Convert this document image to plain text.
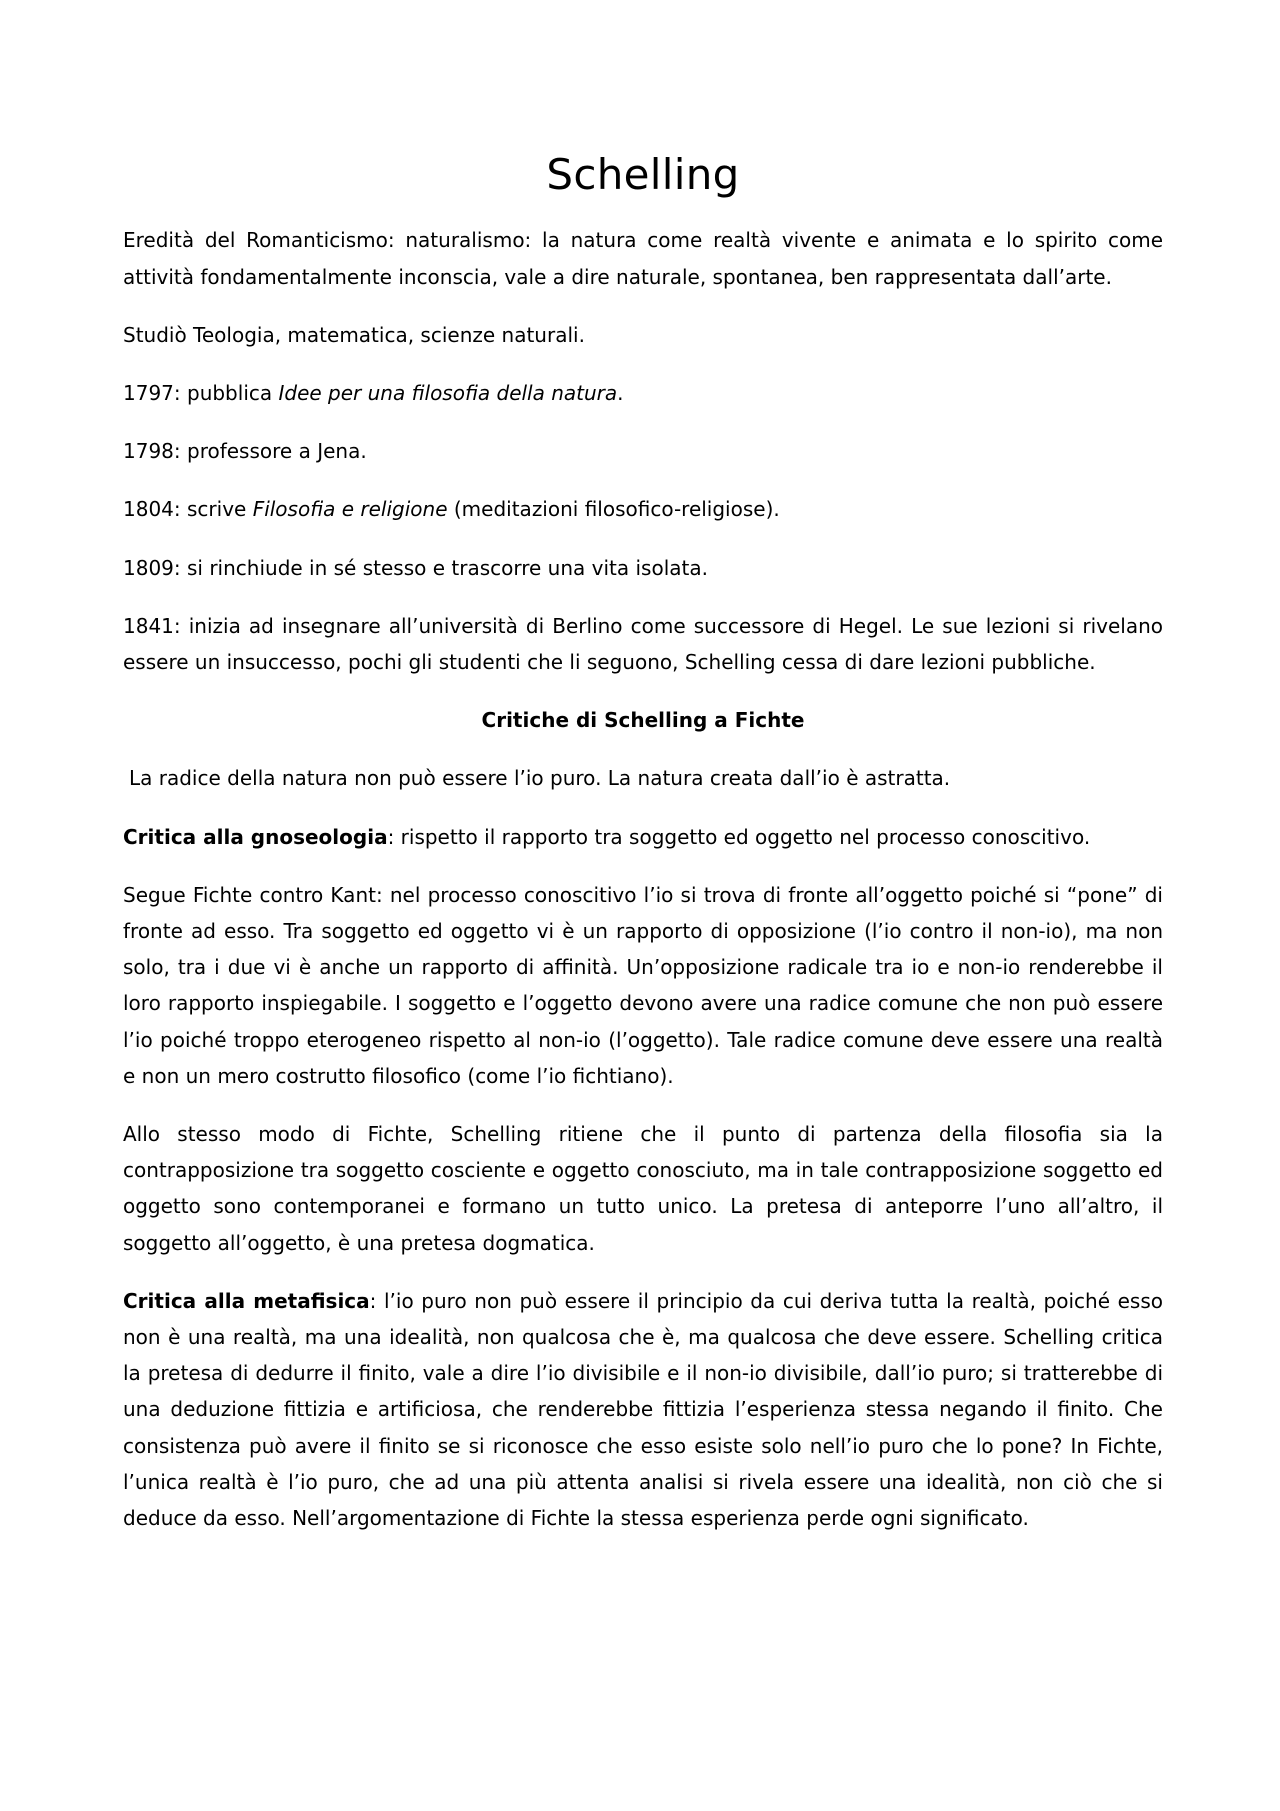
Schelling

Eredità del Romanticismo: naturalismo: la natura come realtà vivente e animata e lo spirito come attività fondamentalmente inconscia, vale a dire naturale, spontanea, ben rappresentata dall’arte.

Studiò Teologia, matematica, scienze naturali.

1797: pubblica Idee per una filosofia della natura.

1798: professore a Jena.

1804: scrive Filosofia e religione (meditazioni filosofico-religiose).

1809: si rinchiude in sé stesso e trascorre una vita isolata.

1841: inizia ad insegnare all’università di Berlino come successore di Hegel. Le sue lezioni si rivelano essere un insuccesso, pochi gli studenti che li seguono, Schelling cessa di dare lezioni pubbliche.

Critiche di Schelling a Fichte

La radice della natura non può essere l’io puro. La natura creata dall’io è astratta.

Critica alla gnoseologia: rispetto il rapporto tra soggetto ed oggetto nel processo conoscitivo.

Segue Fichte contro Kant: nel processo conoscitivo l’io si trova di fronte all’oggetto poiché si “pone” di fronte ad esso. Tra soggetto ed oggetto vi è un rapporto di opposizione (l’io contro il non-io), ma non solo, tra i due vi è anche un rapporto di affinità. Un’opposizione radicale tra io e non-io renderebbe il loro rapporto inspiegabile. I soggetto e l’oggetto devono avere una radice comune che non può essere l’io poiché troppo eterogeneo rispetto al non-io (l’oggetto). Tale radice comune deve essere una realtà e non un mero costrutto filosofico (come l’io fichtiano).

Allo stesso modo di Fichte, Schelling ritiene che il punto di partenza della filosofia sia la contrapposizione tra soggetto cosciente e oggetto conosciuto, ma in tale contrapposizione soggetto ed oggetto sono contemporanei e formano un tutto unico. La pretesa di anteporre l’uno all’altro, il soggetto all’oggetto, è una pretesa dogmatica.

Critica alla metafisica: l’io puro non può essere il principio da cui deriva tutta la realtà, poiché esso non è una realtà, ma una idealità, non qualcosa che è, ma qualcosa che deve essere. Schelling critica la pretesa di dedurre il finito, vale a dire l’io divisibile e il non-io divisibile, dall’io puro; si tratterebbe di una deduzione fittizia e artificiosa, che renderebbe fittizia l’esperienza stessa negando il finito. Che consistenza può avere il finito se si riconosce che esso esiste solo nell’io puro che lo pone? In Fichte, l’unica realtà è l’io puro, che ad una più attenta analisi si rivela essere una idealità, non ciò che si deduce da esso. Nell’argomentazione di Fichte la stessa esperienza perde ogni significato.
